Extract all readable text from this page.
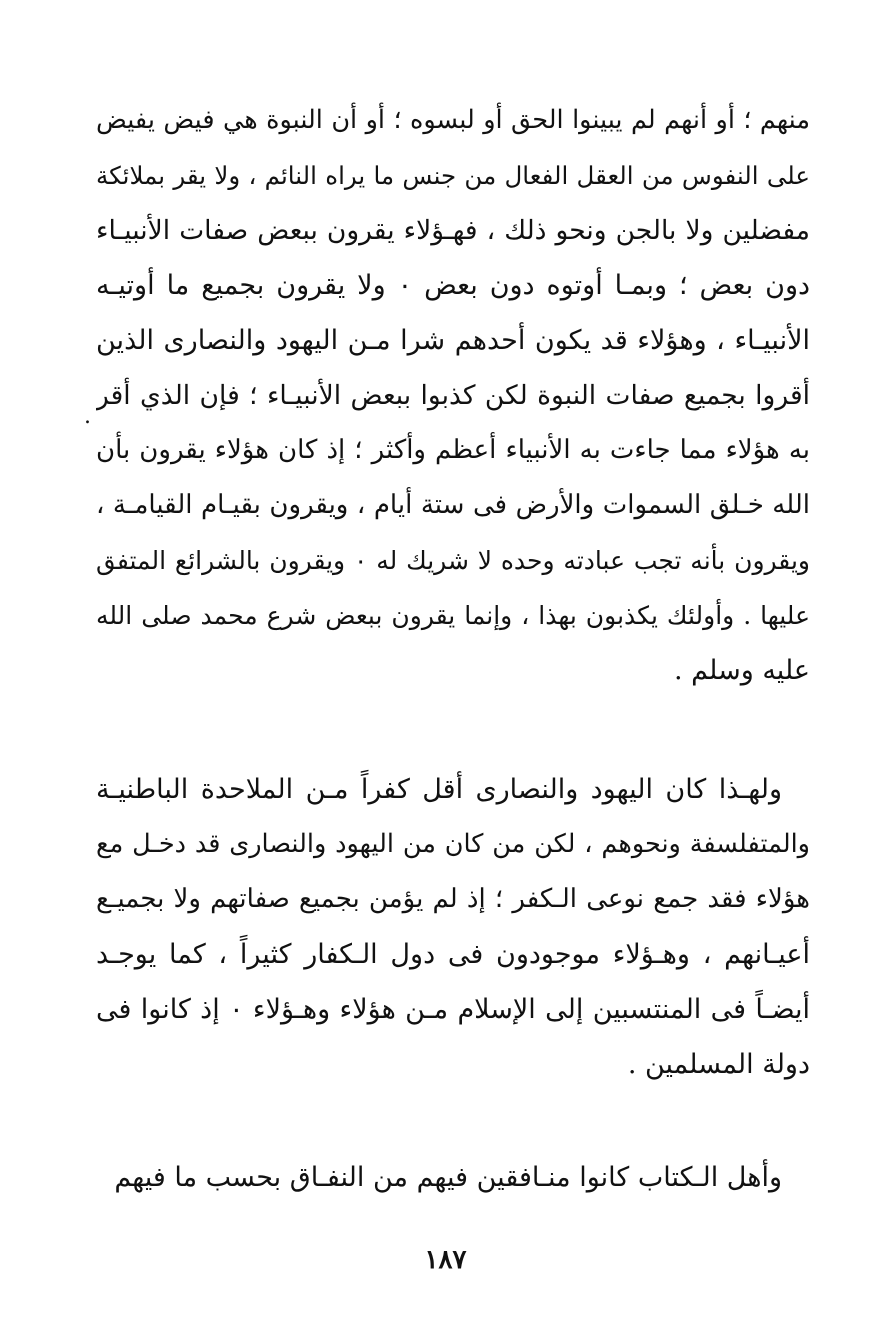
.
منهم ؛ أو أنهم لم يبينوا الحق أو لبسوه ؛ أو أن النبوة هي فيض يفيض
على النفوس من العقل الفعال من جنس ما يراه النائم ، ولا يقر بملائكة
مفضلين ولا بالجن ونحو ذلك ، فهـؤلاء يقرون ببعض صفات الأنبيـاء
دون بعض ؛ وبمـا أوتوه دون بعض ٠ ولا يقرون بجميع ما أوتيـه
الأنبيـاء ، وهؤلاء قد يكون أحدهم شرا مـن اليهود والنصارى الذين
أقروا بجميع صفات النبوة لكن كذبوا ببعض الأنبيـاء ؛ فإن الذي أقر
به هؤلاء مما جاءت به الأنبياء أعظم وأكثر ؛ إذ كان هؤلاء يقرون بأن
الله خـلق السموات والأرض فى ستة أيام ، ويقرون بقيـام القيامـة ،
ويقرون بأنه تجب عبادته وحده لا شريك له ٠ ويقرون بالشرائع المتفق
عليها . وأولئك يكذبون بهذا ، وإنما يقرون ببعض شرع محمد صلى الله
عليه وسلم .
ولهـذا كان اليهود والنصارى أقل كفراً مـن الملاحدة الباطنيـة
والمتفلسفة ونحوهم ، لكن من كان من اليهود والنصارى قد دخـل مع
هؤلاء فقد جمع نوعى الـكفر ؛ إذ لم يؤمن بجميع صفاتهم ولا بجميـع
أعيـانهم ، وهـؤلاء موجودون فى دول الـكفار كثيراً ، كما يوجـد
أيضـاً فى المنتسبين إلى الإسلام مـن هؤلاء وهـؤلاء ٠ إذ كانوا فى
دولة المسلمين .
وأهل الـكتاب كانوا منـافقين فيهم من النفـاق بحسب ما فيهم
١٨٧
